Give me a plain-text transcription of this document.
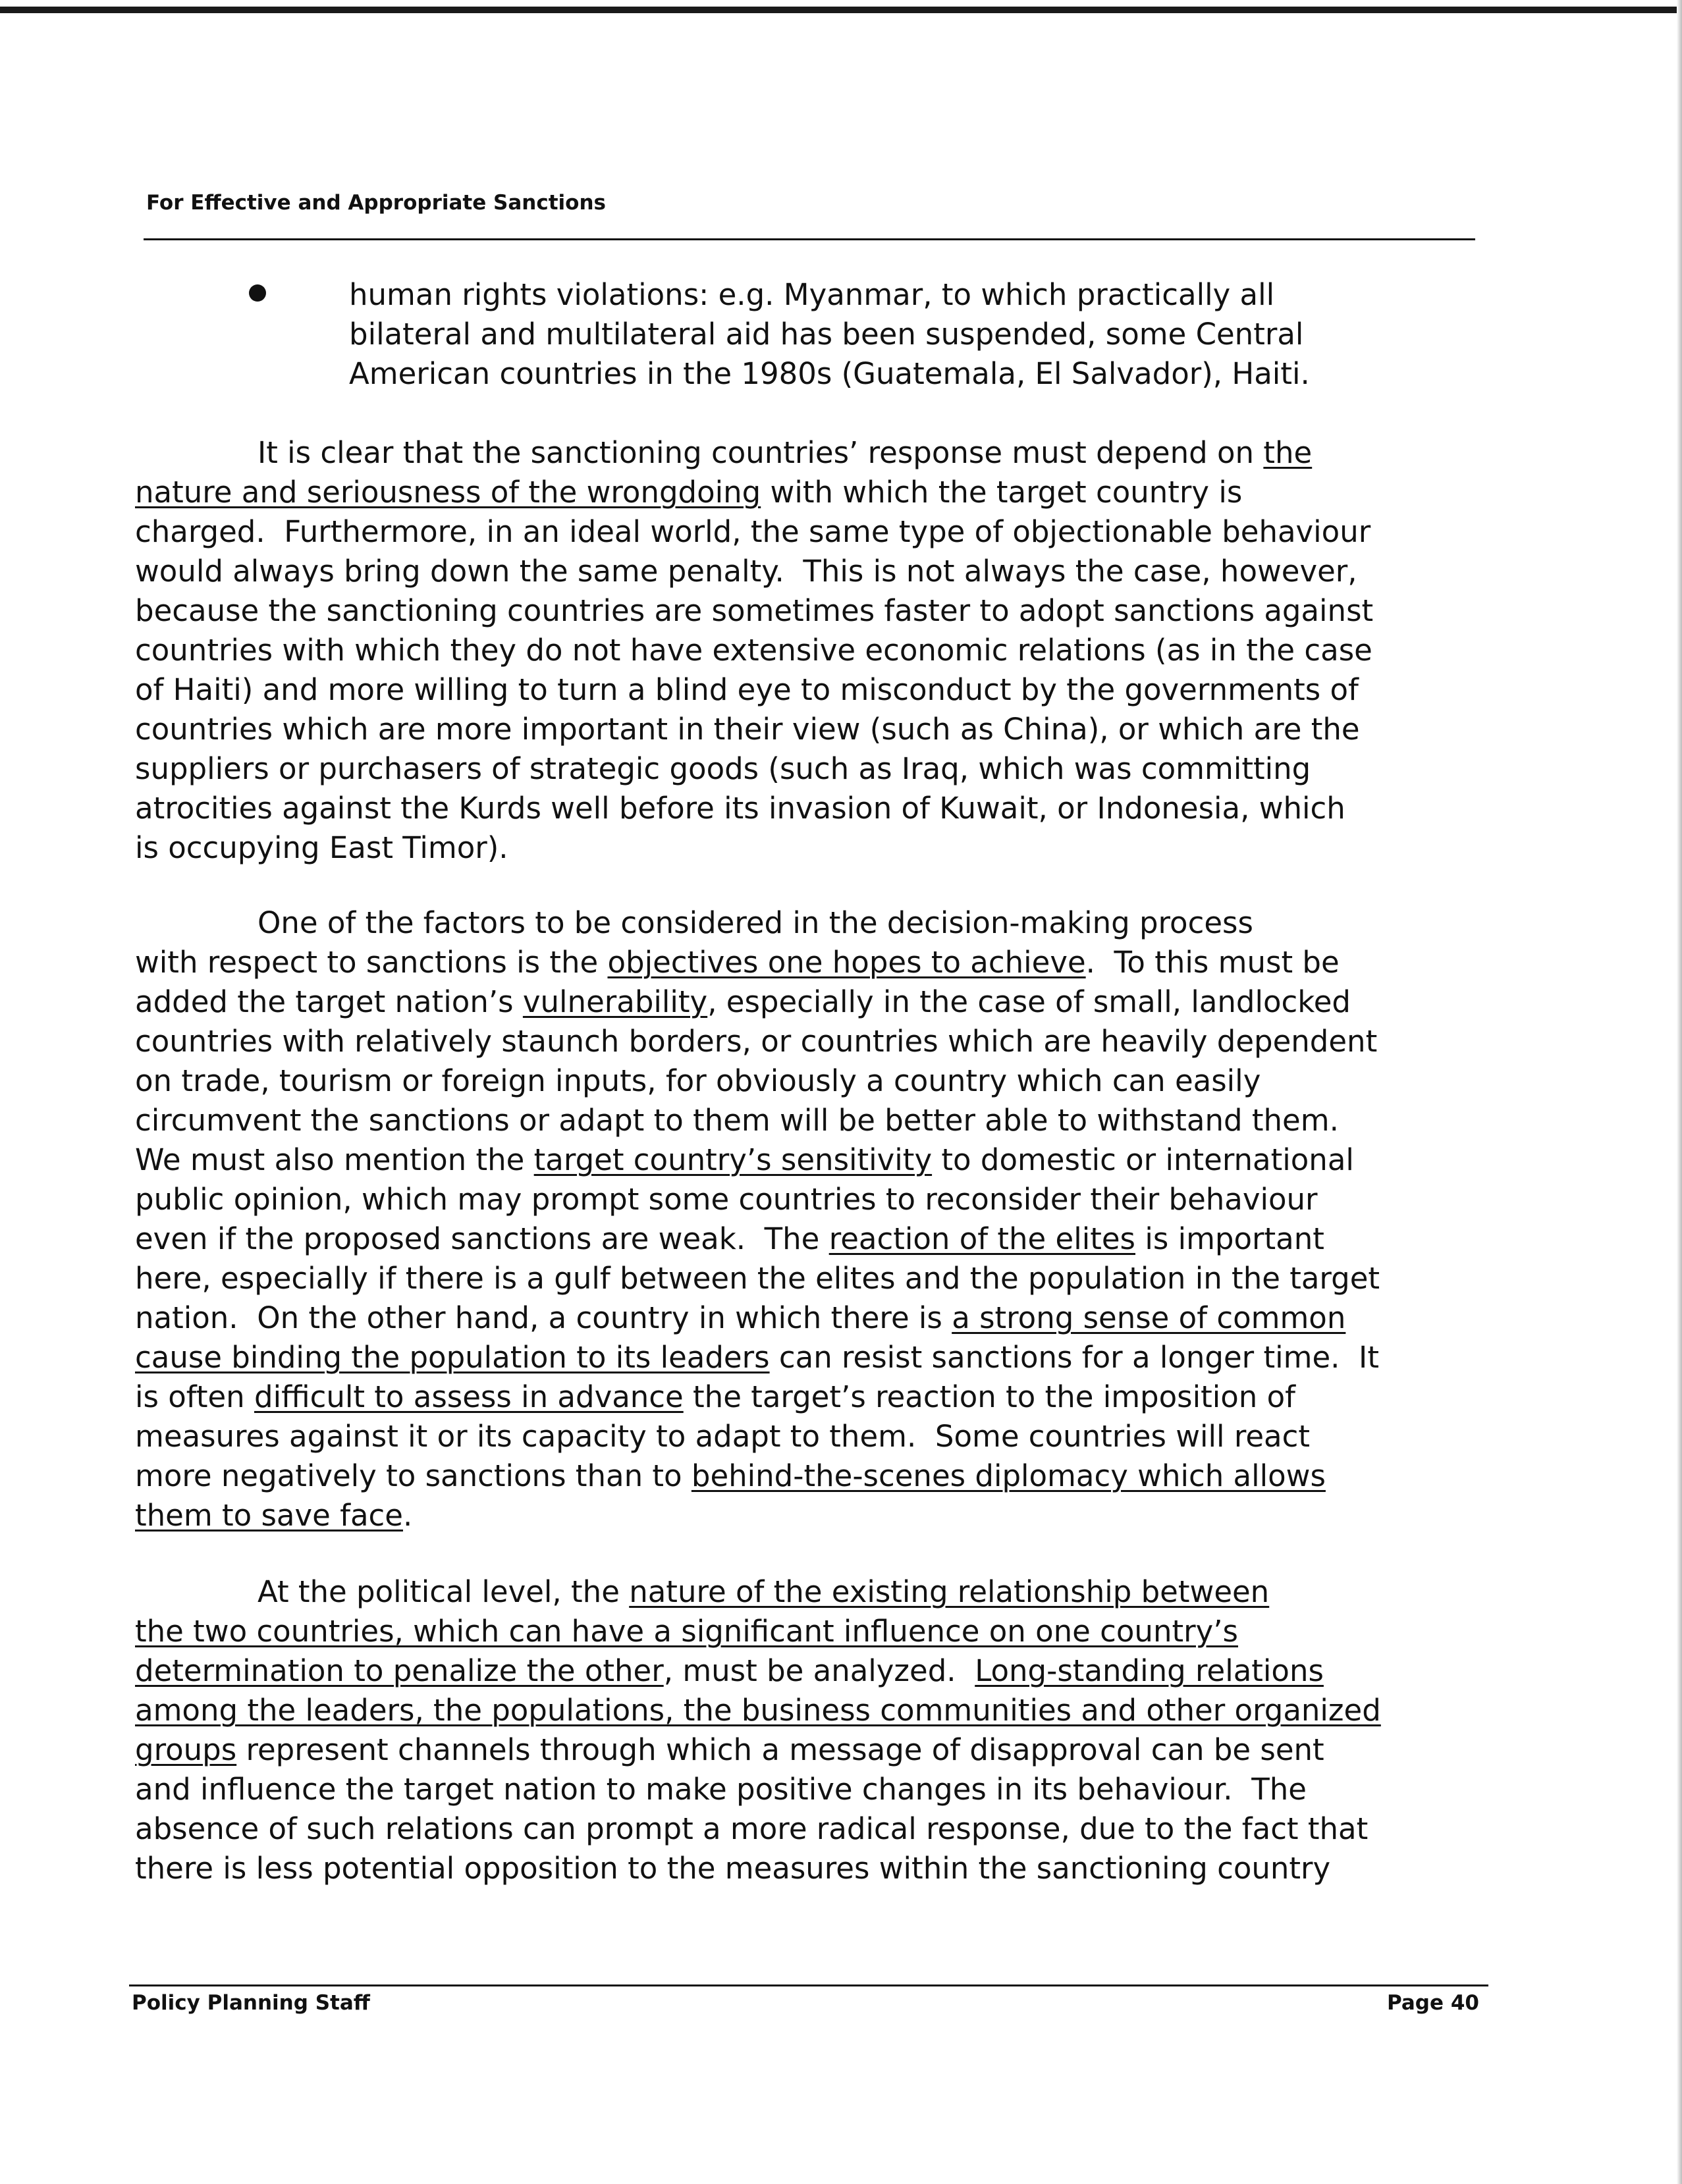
For Effective and Appropriate Sanctions
human rights violations: e.g. Myanmar, to which practically all
bilateral and multilateral aid has been suspended, some Central
American countries in the 1980s (Guatemala, El Salvador), Haiti.
It is clear that the sanctioning countries’ response must depend on the
nature and seriousness of the wrongdoing with which the target country is
charged.  Furthermore, in an ideal world, the same type of objectionable behaviour
would always bring down the same penalty.  This is not always the case, however,
because the sanctioning countries are sometimes faster to adopt sanctions against
countries with which they do not have extensive economic relations (as in the case
of Haiti) and more willing to turn a blind eye to misconduct by the governments of
countries which are more important in their view (such as China), or which are the
suppliers or purchasers of strategic goods (such as Iraq, which was committing
atrocities against the Kurds well before its invasion of Kuwait, or Indonesia, which
is occupying East Timor).
One of the factors to be considered in the decision-making process
with respect to sanctions is the objectives one hopes to achieve.  To this must be
added the target nation’s vulnerability, especially in the case of small, landlocked
countries with relatively staunch borders, or countries which are heavily dependent
on trade, tourism or foreign inputs, for obviously a country which can easily
circumvent the sanctions or adapt to them will be better able to withstand them.
We must also mention the target country’s sensitivity to domestic or international
public opinion, which may prompt some countries to reconsider their behaviour
even if the proposed sanctions are weak.  The reaction of the elites is important
here, especially if there is a gulf between the elites and the population in the target
nation.  On the other hand, a country in which there is a strong sense of common
cause binding the population to its leaders can resist sanctions for a longer time.  It
is often difficult to assess in advance the target’s reaction to the imposition of
measures against it or its capacity to adapt to them.  Some countries will react
more negatively to sanctions than to behind-the-scenes diplomacy which allows
them to save face.
At the political level, the nature of the existing relationship between
the two countries, which can have a significant influence on one country’s
determination to penalize the other, must be analyzed.  Long-standing relations
among the leaders, the populations, the business communities and other organized
groups represent channels through which a message of disapproval can be sent
and influence the target nation to make positive changes in its behaviour.  The
absence of such relations can prompt a more radical response, due to the fact that
there is less potential opposition to the measures within the sanctioning country
Policy Planning Staff	Page 40
